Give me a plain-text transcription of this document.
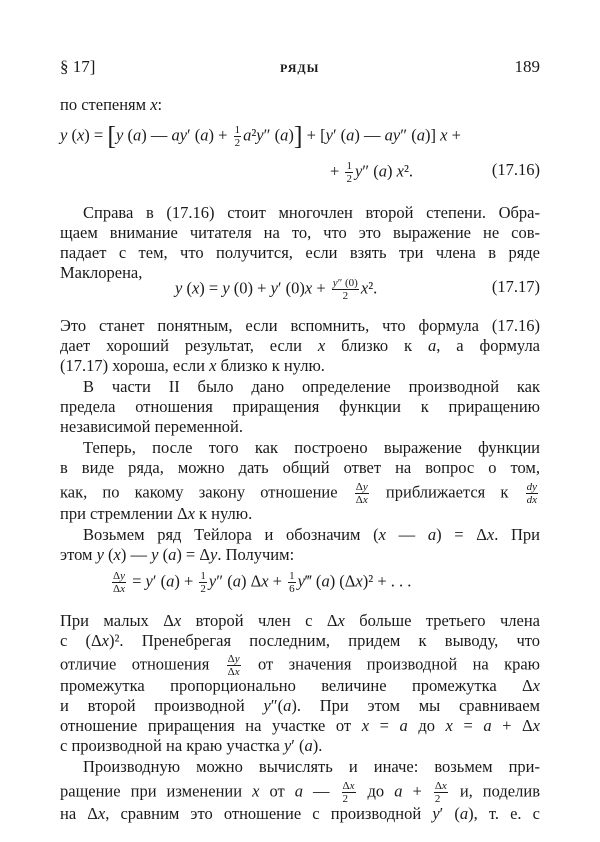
§ 17]	РЯДЫ	189
по степеням x:
y (x) = [y (a) — ay′ $(a) + \frac{1}{2} a^2y''$ (a)] + [y′ (a) — ay″ (a)] x +
+ $\frac{1}{2} y''$ (a) x².	(17.16)
Справа в (17.16) стоит многочлен второй степени. Обра-
щаем внимание читателя на то, что это выражение не сов-
падает с тем, что получится, если взять три члена в ряде
Маклорена,
y (x) = y (0) + y′ $(0)x + \frac{y'' (0)}{2} x^2$.	(17.17)
Это станет понятным, если вспомнить, что формула (17.16)
дает хороший результат, если x близко к a, а формула
(17.17) хороша, если x близко к нулю.
В части II было дано определение производной как
предела отношения приращения функции к приращению
независимой переменной.
Теперь, после того как построено выражение функции
в виде ряда, можно дать общий ответ на вопрос о том,
как, по какому закону отношение $\frac{\Delta y}{\Delta x}$ приближается к $\frac{dy}{dx}$
при стремлении Δx к нулю.
Возьмем ряд Тейлора и обозначим (x — a) = Δx. При
этом y (x) — y (a) = Δy. Получим:
$\frac{\Delta y}{\Delta x} = y'$ $(a) + \frac{1}{2} y''$ (a) $\Delta x + \frac{1}{6}$ y‴ (a) (Δx)² + . . .
При малых Δx второй член с Δx больше третьего члена
с (Δx)². Пренебрегая последним, придем к выводу, что
отличие отношения $\frac{\Delta y}{\Delta x}$ от значения производной на краю
промежутка пропорционально величине промежутка Δx
и второй производной y″(a). При этом мы сравниваем
отношение приращения на участке от x = a до x = a + Δx
с производной на краю участка y′ (a).
Производную можно вычислять и иначе: возьмем при-
ращение при изменении x от a — $\frac{\Delta x}{2}$ до $a + \frac{\Delta x}{2} и$, поделив
на Δx, сравним это отношение с производной y′ (a), т. е. с
